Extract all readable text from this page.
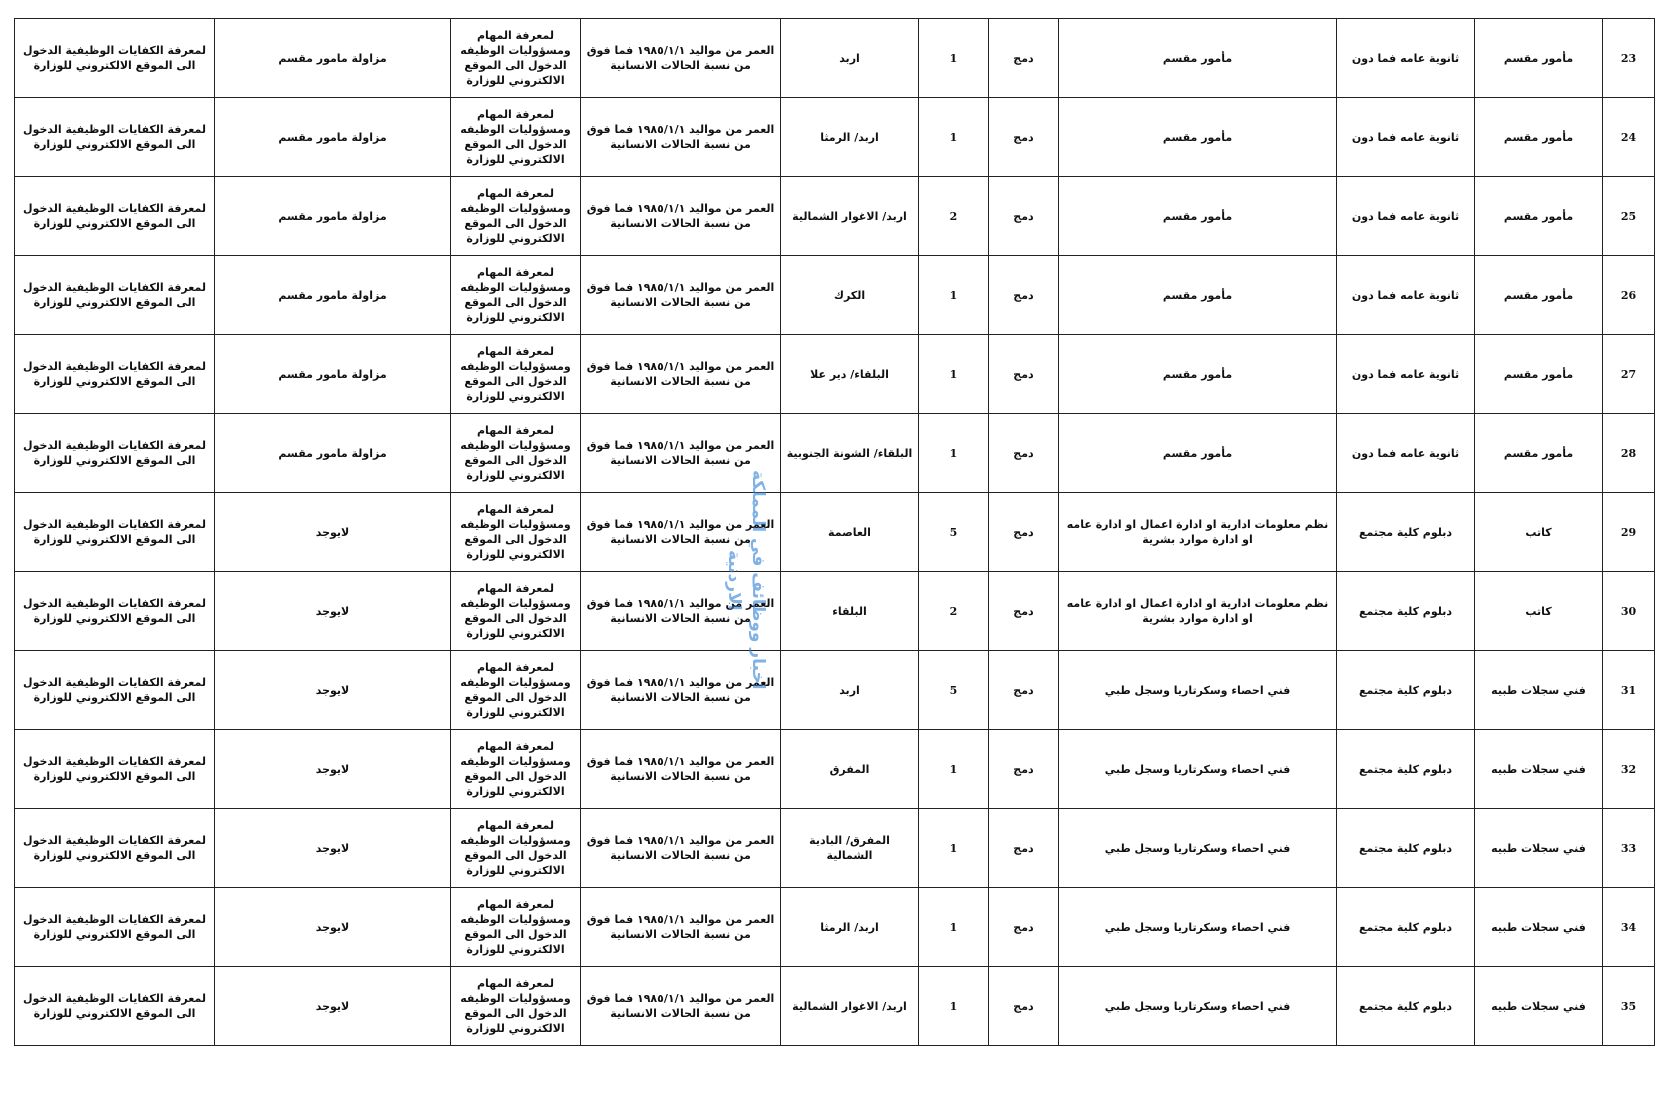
23	مأمور مقسم	ثانوية عامه فما دون	مأمور مقسم	دمج	1	اربد	العمر من مواليد ١٩٨٥/١/١ فما فوق من نسبة الحالات الانسانية	لمعرفة المهام ومسؤوليات الوظيفه الدخول الى الموقع الالكتروني للوزارة	مزاولة مامور مقسم	لمعرفة الكفايات الوظيفية الدخول الى الموقع الالكتروني للوزارة
24	مأمور مقسم	ثانوية عامه فما دون	مأمور مقسم	دمج	1	اربد/ الرمثا	العمر من مواليد ١٩٨٥/١/١ فما فوق من نسبة الحالات الانسانية	لمعرفة المهام ومسؤوليات الوظيفه الدخول الى الموقع الالكتروني للوزارة	مزاولة مامور مقسم	لمعرفة الكفايات الوظيفية الدخول الى الموقع الالكتروني للوزارة
25	مأمور مقسم	ثانوية عامه فما دون	مأمور مقسم	دمج	2	اربد/ الاغوار الشمالية	العمر من مواليد ١٩٨٥/١/١ فما فوق من نسبة الحالات الانسانية	لمعرفة المهام ومسؤوليات الوظيفه الدخول الى الموقع الالكتروني للوزارة	مزاولة مامور مقسم	لمعرفة الكفايات الوظيفية الدخول الى الموقع الالكتروني للوزارة
26	مأمور مقسم	ثانوية عامه فما دون	مأمور مقسم	دمج	1	الكرك	العمر من مواليد ١٩٨٥/١/١ فما فوق من نسبة الحالات الانسانية	لمعرفة المهام ومسؤوليات الوظيفه الدخول الى الموقع الالكتروني للوزارة	مزاولة مامور مقسم	لمعرفة الكفايات الوظيفية الدخول الى الموقع الالكتروني للوزارة
27	مأمور مقسم	ثانوية عامه فما دون	مأمور مقسم	دمج	1	البلقاء/ دير علا	العمر من مواليد ١٩٨٥/١/١ فما فوق من نسبة الحالات الانسانية	لمعرفة المهام ومسؤوليات الوظيفه الدخول الى الموقع الالكتروني للوزارة	مزاولة مامور مقسم	لمعرفة الكفايات الوظيفية الدخول الى الموقع الالكتروني للوزارة
28	مأمور مقسم	ثانوية عامه فما دون	مأمور مقسم	دمج	1	البلقاء/ الشونة الجنوبية	العمر من مواليد ١٩٨٥/١/١ فما فوق من نسبة الحالات الانسانية	لمعرفة المهام ومسؤوليات الوظيفه الدخول الى الموقع الالكتروني للوزارة	مزاولة مامور مقسم	لمعرفة الكفايات الوظيفية الدخول الى الموقع الالكتروني للوزارة
29	كاتب	دبلوم كلية مجتمع	نظم معلومات ادارية او ادارة اعمال او ادارة عامه او ادارة موارد بشرية	دمج	5	العاصمة	العمر من مواليد ١٩٨٥/١/١ فما فوق من نسبة الحالات الانسانية	لمعرفة المهام ومسؤوليات الوظيفه الدخول الى الموقع الالكتروني للوزارة	لايوجد	لمعرفة الكفايات الوظيفية الدخول الى الموقع الالكتروني للوزارة
30	كاتب	دبلوم كلية مجتمع	نظم معلومات ادارية او ادارة اعمال او ادارة عامه او ادارة موارد بشرية	دمج	2	البلقاء	العمر من مواليد ١٩٨٥/١/١ فما فوق من نسبة الحالات الانسانية	لمعرفة المهام ومسؤوليات الوظيفه الدخول الى الموقع الالكتروني للوزارة	لايوجد	لمعرفة الكفايات الوظيفية الدخول الى الموقع الالكتروني للوزارة
31	فني سجلات طبيه	دبلوم كلية مجتمع	فني احصاء وسكرتاريا وسجل طبي	دمج	5	اربد	العمر من مواليد ١٩٨٥/١/١ فما فوق من نسبة الحالات الانسانية	لمعرفة المهام ومسؤوليات الوظيفه الدخول الى الموقع الالكتروني للوزارة	لايوجد	لمعرفة الكفايات الوظيفية الدخول الى الموقع الالكتروني للوزارة
32	فني سجلات طبيه	دبلوم كلية مجتمع	فني احصاء وسكرتاريا وسجل طبي	دمج	1	المفرق	العمر من مواليد ١٩٨٥/١/١ فما فوق من نسبة الحالات الانسانية	لمعرفة المهام ومسؤوليات الوظيفه الدخول الى الموقع الالكتروني للوزارة	لايوجد	لمعرفة الكفايات الوظيفية الدخول الى الموقع الالكتروني للوزارة
33	فني سجلات طبيه	دبلوم كلية مجتمع	فني احصاء وسكرتاريا وسجل طبي	دمج	1	المفرق/ البادية الشمالية	العمر من مواليد ١٩٨٥/١/١ فما فوق من نسبة الحالات الانسانية	لمعرفة المهام ومسؤوليات الوظيفه الدخول الى الموقع الالكتروني للوزارة	لايوجد	لمعرفة الكفايات الوظيفية الدخول الى الموقع الالكتروني للوزارة
34	فني سجلات طبيه	دبلوم كلية مجتمع	فني احصاء وسكرتاريا وسجل طبي	دمج	1	اربد/ الرمثا	العمر من مواليد ١٩٨٥/١/١ فما فوق من نسبة الحالات الانسانية	لمعرفة المهام ومسؤوليات الوظيفه الدخول الى الموقع الالكتروني للوزارة	لايوجد	لمعرفة الكفايات الوظيفية الدخول الى الموقع الالكتروني للوزارة
35	فني سجلات طبيه	دبلوم كلية مجتمع	فني احصاء وسكرتاريا وسجل طبي	دمج	1	اربد/ الاغوار الشمالية	العمر من مواليد ١٩٨٥/١/١ فما فوق من نسبة الحالات الانسانية	لمعرفة المهام ومسؤوليات الوظيفه الدخول الى الموقع الالكتروني للوزارة	لايوجد	لمعرفة الكفايات الوظيفية الدخول الى الموقع الالكتروني للوزارة
اخبار ووظائف في المملكة الاردنية
